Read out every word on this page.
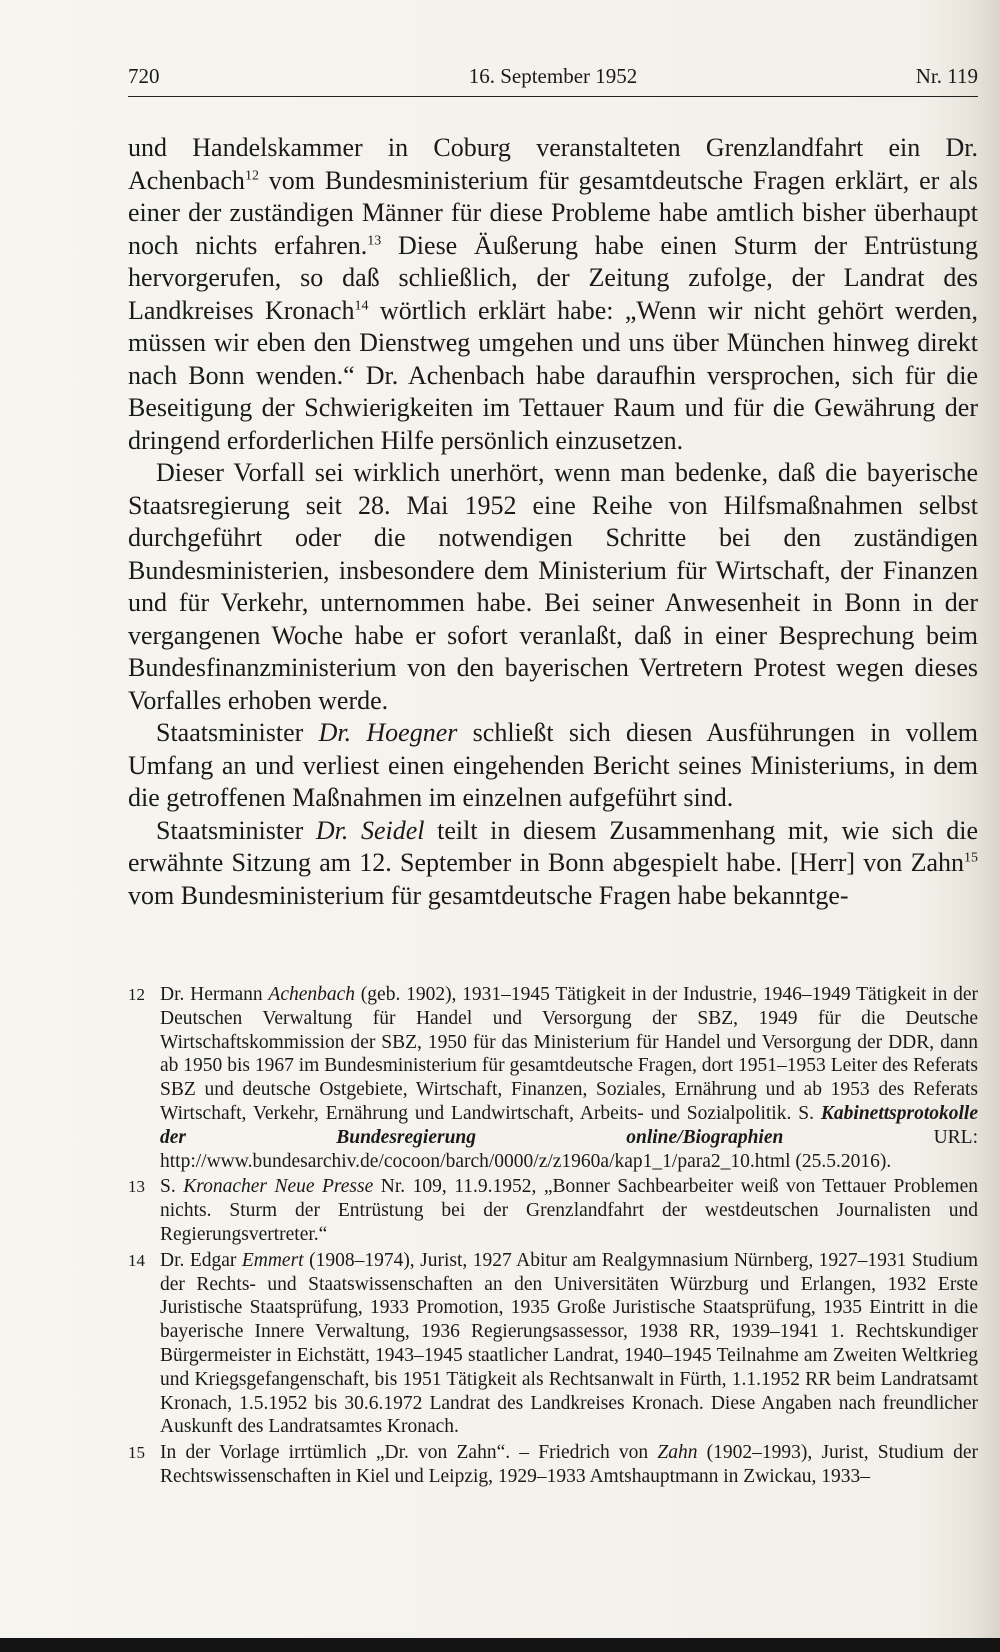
720	16. September 1952	Nr. 119

und Handelskammer in Coburg veranstalteten Grenzlandfahrt ein Dr. Achenbach$^{12}$ vom Bundesministerium für gesamtdeutsche Fragen erklärt, er als einer der zuständigen Männer für diese Probleme habe amtlich bisher überhaupt noch nichts erfahren.$^{13}$ Diese Äußerung habe einen Sturm der Entrüstung hervorgerufen, so daß schließlich, der Zeitung zufolge, der Landrat des Landkreises Kronach$^{14}$ wörtlich erklärt habe: „Wenn wir nicht gehört werden, müssen wir eben den Dienstweg umgehen und uns über München hinweg direkt nach Bonn wenden.“ Dr. Achenbach habe daraufhin versprochen, sich für die Beseitigung der Schwierigkeiten im Tettauer Raum und für die Gewährung der dringend erforderlichen Hilfe persönlich einzusetzen.

Dieser Vorfall sei wirklich unerhört, wenn man bedenke, daß die bayerische Staatsregierung seit 28. Mai 1952 eine Reihe von Hilfsmaßnahmen selbst durchgeführt oder die notwendigen Schritte bei den zuständigen Bundesministerien, insbesondere dem Ministerium für Wirtschaft, der Finanzen und für Verkehr, unternommen habe. Bei seiner Anwesenheit in Bonn in der vergangenen Woche habe er sofort veranlaßt, daß in einer Besprechung beim Bundesfinanzministerium von den bayerischen Vertretern Protest wegen dieses Vorfalles erhoben werde.

Staatsminister Dr. Hoegner schließt sich diesen Ausführungen in vollem Umfang an und verliest einen eingehenden Bericht seines Ministeriums, in dem die getroffenen Maßnahmen im einzelnen aufgeführt sind.

Staatsminister Dr. Seidel teilt in diesem Zusammenhang mit, wie sich die erwähnte Sitzung am 12. September in Bonn abgespielt habe. [Herr] von Zahn$^{15}$ vom Bundesministerium für gesamtdeutsche Fragen habe bekanntge-

12 Dr. Hermann Achenbach (geb. 1902), 1931–1945 Tätigkeit in der Industrie, 1946–1949 Tätigkeit in der Deutschen Verwaltung für Handel und Versorgung der SBZ, 1949 für die Deutsche Wirtschaftskommission der SBZ, 1950 für das Ministerium für Handel und Versorgung der DDR, dann ab 1950 bis 1967 im Bundesministerium für gesamtdeutsche Fragen, dort 1951–1953 Leiter des Referats SBZ und deutsche Ostgebiete, Wirtschaft, Finanzen, Soziales, Ernährung und ab 1953 des Referats Wirtschaft, Verkehr, Ernährung und Landwirtschaft, Arbeits- und Sozialpolitik. S. Kabinettsprotokolle der Bundesregierung online/Biographien URL: http://www.bundesarchiv.de/cocoon/barch/0000/z/z1960a/kap1_1/para2_10.html (25.5.2016).
13 S. Kronacher Neue Presse Nr. 109, 11.9.1952, „Bonner Sachbearbeiter weiß von Tettauer Problemen nichts. Sturm der Entrüstung bei der Grenzlandfahrt der westdeutschen Journalisten und Regierungsvertreter.“
14 Dr. Edgar Emmert (1908–1974), Jurist, 1927 Abitur am Realgymnasium Nürnberg, 1927–1931 Studium der Rechts- und Staatswissenschaften an den Universitäten Würzburg und Erlangen, 1932 Erste Juristische Staatsprüfung, 1933 Promotion, 1935 Große Juristische Staatsprüfung, 1935 Eintritt in die bayerische Innere Verwaltung, 1936 Regierungsassessor, 1938 RR, 1939–1941 1. Rechtskundiger Bürgermeister in Eichstätt, 1943–1945 staatlicher Landrat, 1940–1945 Teilnahme am Zweiten Weltkrieg und Kriegsgefangenschaft, bis 1951 Tätigkeit als Rechtsanwalt in Fürth, 1.1.1952 RR beim Landratsamt Kronach, 1.5.1952 bis 30.6.1972 Landrat des Landkreises Kronach. Diese Angaben nach freundlicher Auskunft des Landratsamtes Kronach.
15 In der Vorlage irrtümlich „Dr. von Zahn“. – Friedrich von Zahn (1902–1993), Jurist, Studium der Rechtswissenschaften in Kiel und Leipzig, 1929–1933 Amtshauptmann in Zwickau, 1933–
